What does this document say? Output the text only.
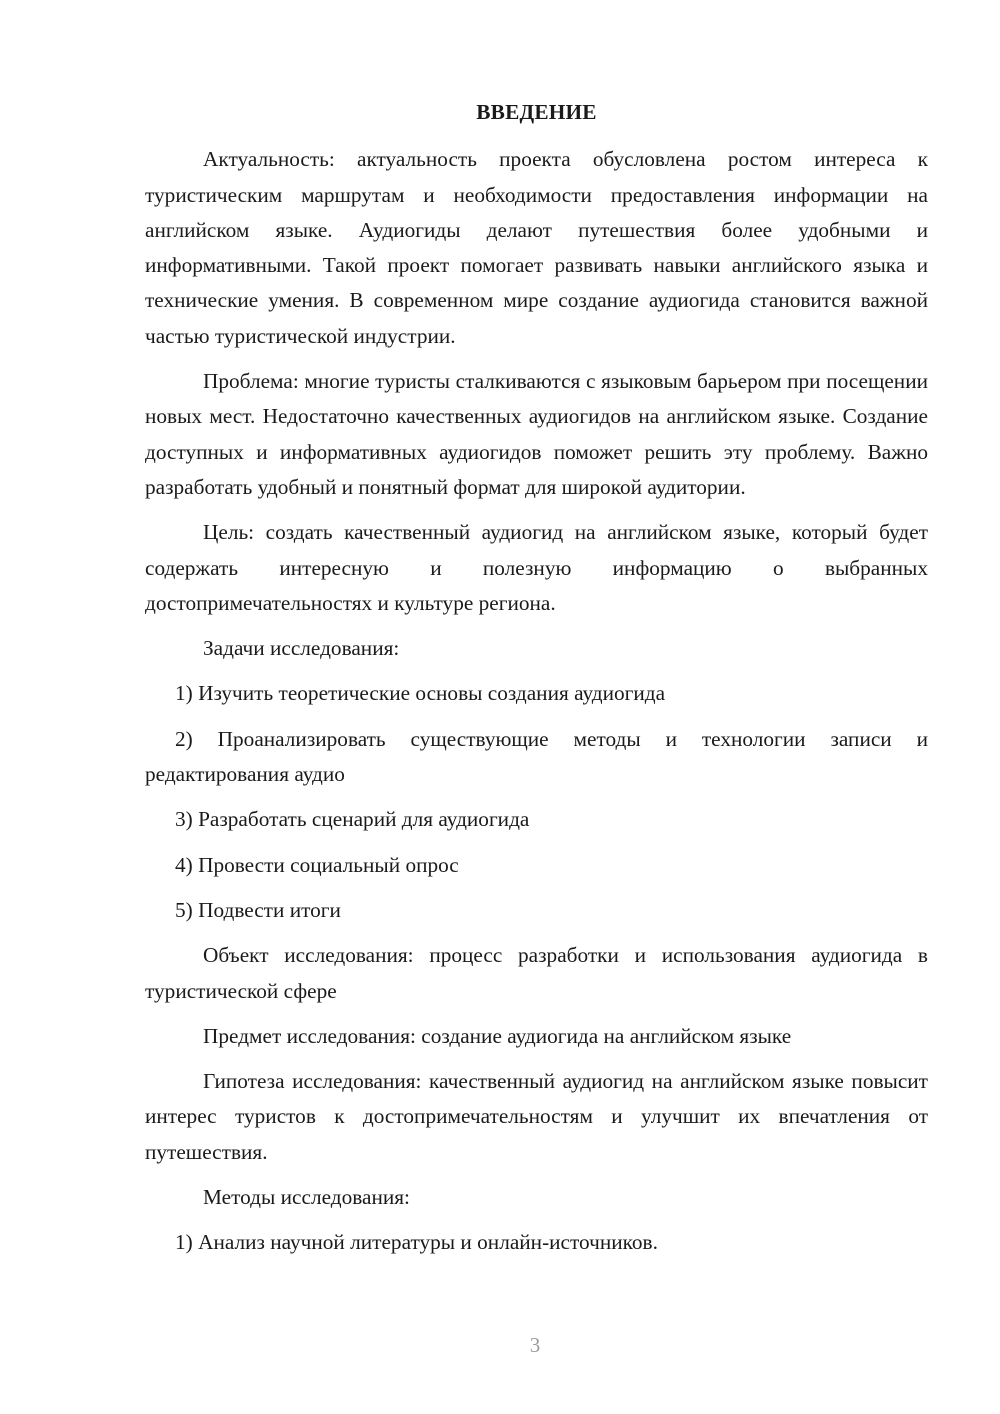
ВВЕДЕНИЕ

Актуальность: актуальность проекта обусловлена ростом интереса к туристическим маршрутам и необходимости предоставления информации на английском языке. Аудиогиды делают путешествия более удобными и информативными. Такой проект помогает развивать навыки английского языка и технические умения. В современном мире создание аудиогида становится важной частью туристической индустрии.

Проблема: многие туристы сталкиваются с языковым барьером при посещении новых мест. Недостаточно качественных аудиогидов на английском языке. Создание доступных и информативных аудиогидов поможет решить эту проблему. Важно разработать удобный и понятный формат для широкой аудитории.

Цель: создать качественный аудиогид на английском языке, который будет содержать интересную и полезную информацию о выбранных достопримечательностях и культуре региона.

Задачи исследования:

1) Изучить теоретические основы создания аудиогида

2) Проанализировать существующие методы и технологии записи и редактирования аудио

3) Разработать сценарий для аудиогида

4) Провести социальный опрос

5) Подвести итоги

Объект исследования: процесс разработки и использования аудиогида в туристической сфере

Предмет исследования: создание аудиогида на английском языке

Гипотеза исследования: качественный аудиогид на английском языке повысит интерес туристов к достопримечательностям и улучшит их впечатления от путешествия.

Методы исследования:

1) Анализ научной литературы и онлайн-источников.

3
